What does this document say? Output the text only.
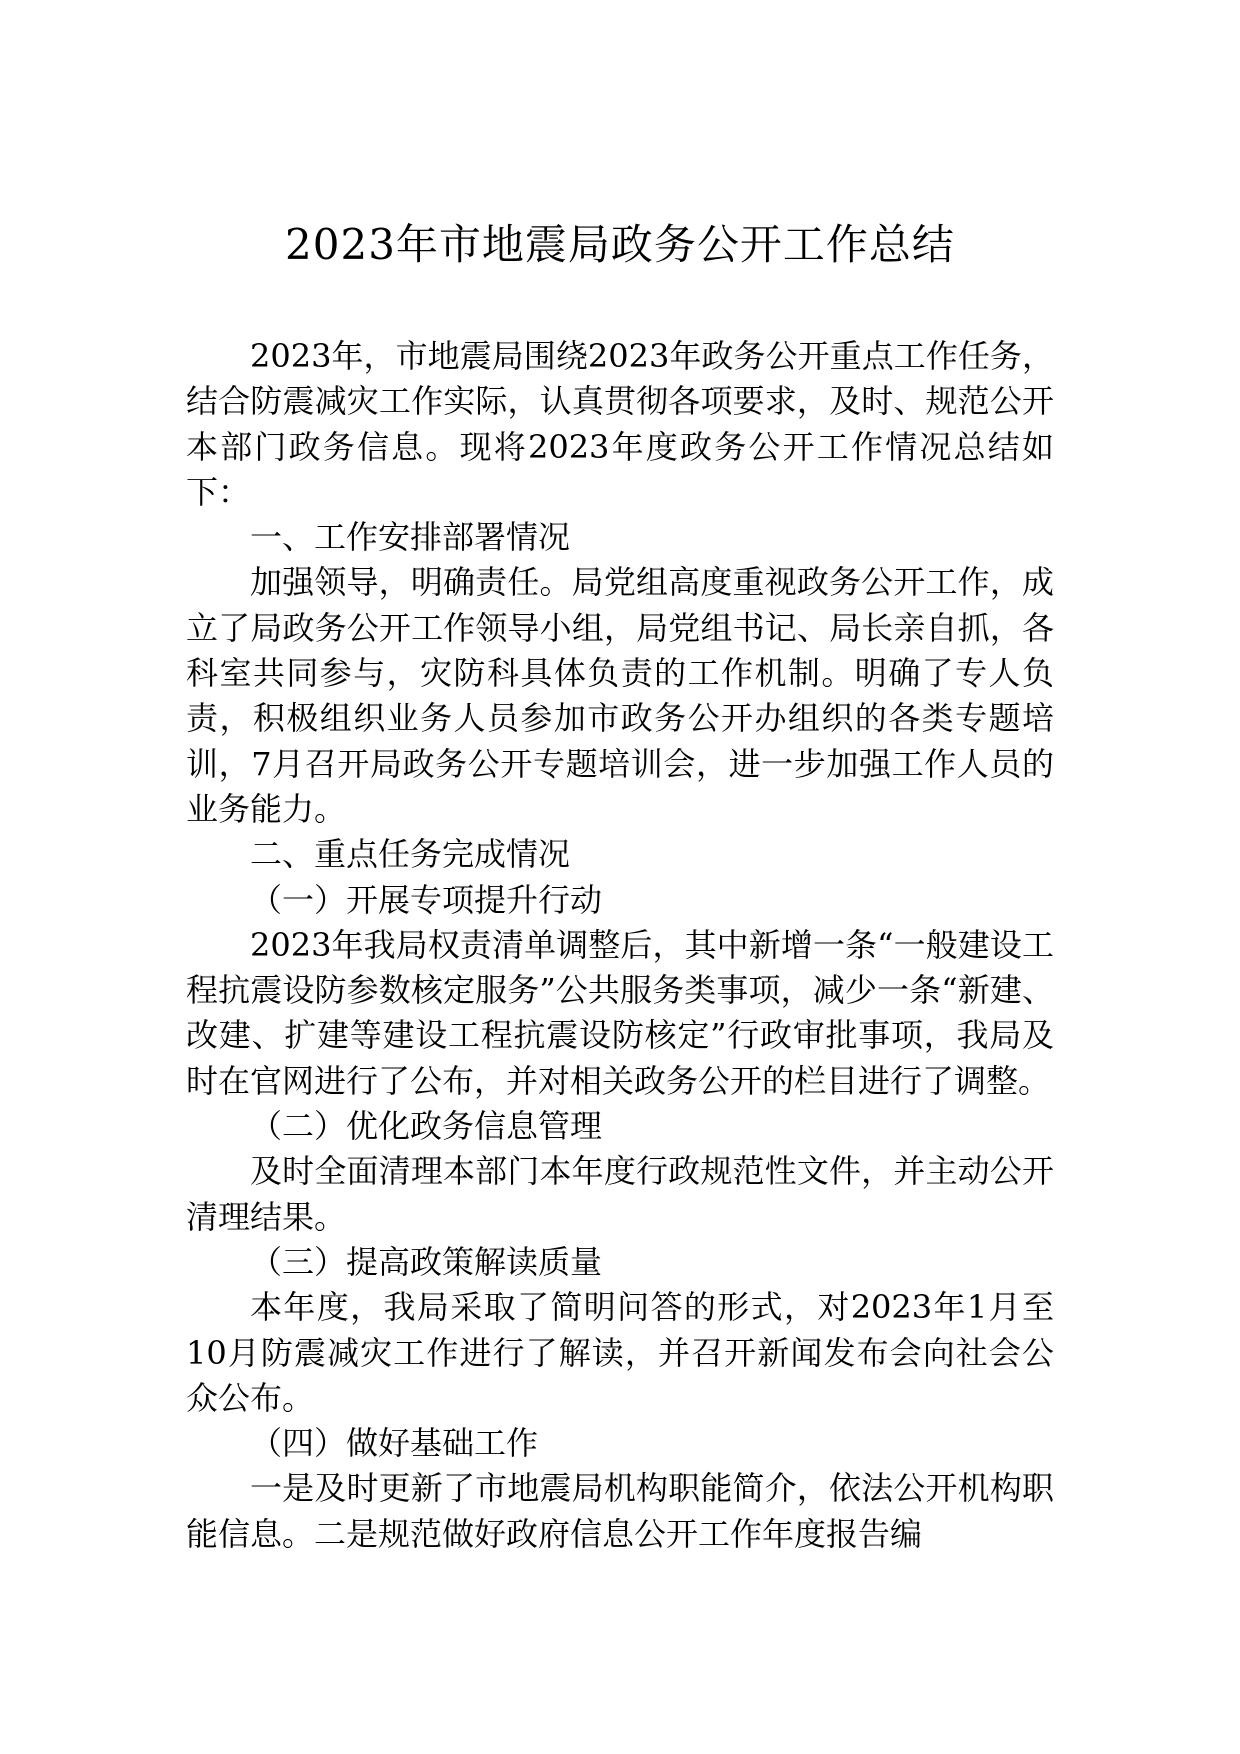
2023年市地震局政务公开工作总结

2023年，市地震局围绕2023年政务公开重点工作任务，结合防震减灾工作实际，认真贯彻各项要求，及时、规范公开本部门政务信息。现将2023年度政务公开工作情况总结如下：

一、工作安排部署情况

加强领导，明确责任。局党组高度重视政务公开工作，成立了局政务公开工作领导小组，局党组书记、局长亲自抓，各科室共同参与，灾防科具体负责的工作机制。明确了专人负责，积极组织业务人员参加市政务公开办组织的各类专题培训，7月召开局政务公开专题培训会，进一步加强工作人员的业务能力。

二、重点任务完成情况

（一）开展专项提升行动

2023年我局权责清单调整后，其中新增一条“一般建设工程抗震设防参数核定服务”公共服务类事项，减少一条“新建、改建、扩建等建设工程抗震设防核定”行政审批事项，我局及时在官网进行了公布，并对相关政务公开的栏目进行了调整。

（二）优化政务信息管理

及时全面清理本部门本年度行政规范性文件，并主动公开清理结果。

（三）提高政策解读质量

本年度，我局采取了简明问答的形式，对2023年1月至10月防震减灾工作进行了解读，并召开新闻发布会向社会公众公布。

（四）做好基础工作

一是及时更新了市地震局机构职能简介，依法公开机构职能信息。二是规范做好政府信息公开工作年度报告编
